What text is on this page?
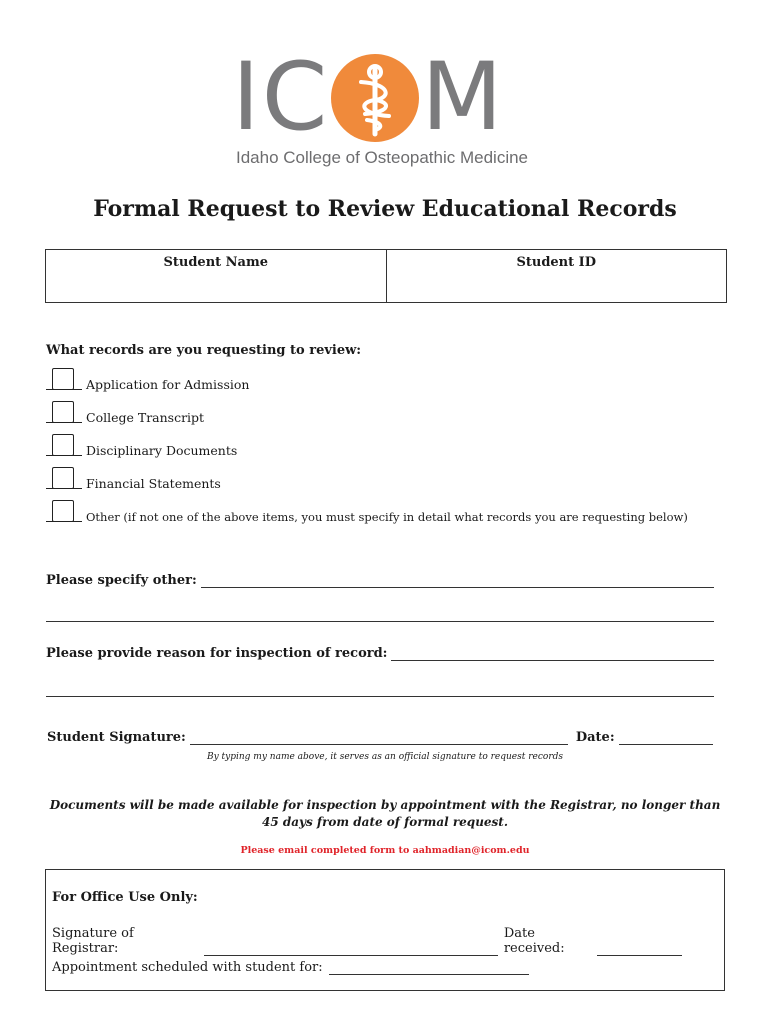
I C M
Idaho College of Osteopathic Medicine
Formal Request to Review Educational Records
Student Name	Student ID
What records are you requesting to review:
Application for Admission
College Transcript
Disciplinary Documents
Financial Statements
Other (if not one of the above items, you must specify in detail what records you are requesting below)
Please specify other:
Please provide reason for inspection of record:
Student Signature:	Date:
By typing my name above, it serves as an official signature to request records
Documents will be made available for inspection by appointment with the Registrar, no longer than 45 days from date of formal request.
Please email completed form to aahmadian@icom.edu
For Office Use Only:
Signature of Registrar:
Date received:
Appointment scheduled with student for:
